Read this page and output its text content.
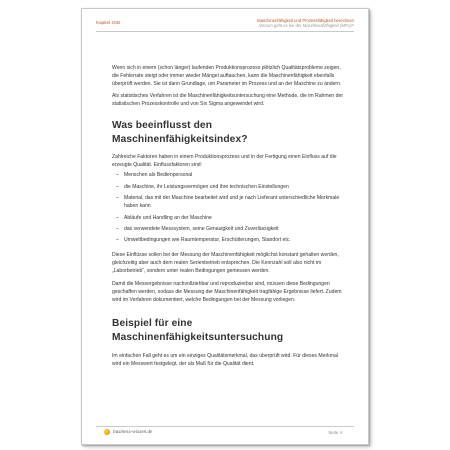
Kapitel 2SB	Maschinenfähigkeit und Prozessfähigkeit berechnen
Worum geht es bei der Maschinenfähigkeit (MFU)?

Wenn sich in einem (schon länger) laufenden Produktionsprozess plötzlich Qualitätsprobleme zeigen, die Fehlerrate steigt oder immer wieder Mängel auftauchen, kann die Maschinenfähigkeit ebenfalls überprüft werden. Sie ist dann Grundlage, um Parameter im Prozess und an der Maschine zu ändern.

Als statistisches Verfahren ist die Maschinenfähigkeitsuntersuchung eine Methode, die im Rahmen der statistischen Prozesskontrolle und von Six Sigma angewendet wird.

Was beeinflusst den Maschinenfähigkeitsindex?

Zahlreiche Faktoren haben in einem Produktionsprozess und in der Fertigung einen Einfluss auf die erzeugte Qualität. Einflussfaktoren sind:

– Menschen als Bedienpersonal
– die Maschine, ihr Leistungsvermögen und ihre technischen Einstellungen
– Material, das mit der Maschine bearbeitet wird und je nach Lieferant unterschiedliche Merkmale haben kann
– Abläufe und Handling an der Maschine
– das verwendete Messsystem, seine Genauigkeit und Zuverlässigkeit
– Umweltbedingungen wie Raumtemperatur, Erschütterungen, Standort etc.

Diese Einflüsse sollen bei der Messung der Maschinenfähigkeit möglichst konstant gehalten werden, gleichzeitig aber auch dem realen Serienbetrieb entsprechen. Die Kennzahl soll also nicht im „Laborbetrieb“, sondern unter realen Bedingungen gemessen werden.

Damit die Messergebnisse nachvollziehbar und reproduzierbar sind, müssen diese Bedingungen geschaffen werden, sodass die Messung der Maschinenfähigkeit tragfähige Ergebnisse liefert. Zudem wird im Verfahren dokumentiert, welche Bedingungen bei der Messung vorliegen.

Beispiel für eine Maschinenfähigkeitsuntersuchung

Im einfachen Fall geht es um ein einziges Qualitätsmerkmal, das überprüft wird. Für dieses Merkmal wird ein Messwert festgelegt, der als Maß für die Qualität dient.

business-wissen.de	Seite 4
